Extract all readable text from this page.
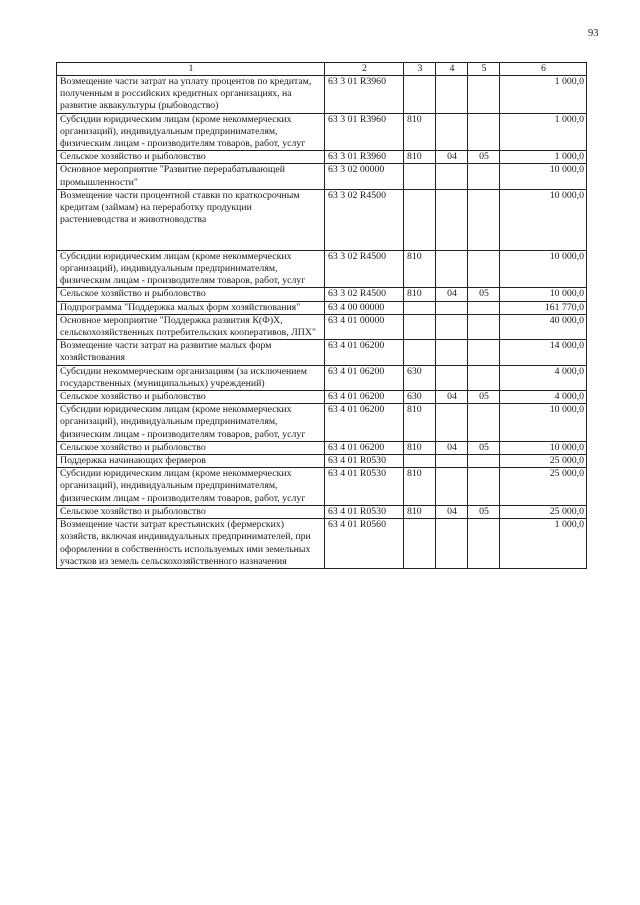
93
1	2	3	4	5	6
Возмещение части затрат на уплату процентов по кредитам, полученным в российских кредитных организациях, на развитие аквакультуры (рыбоводство)	63 3 01 R3960				1 000,0
Субсидии юридическим лицам (кроме некоммерческих организаций), индивидуальным предпринимателям, физическим лицам - производителям товаров, работ, услуг	63 3 01 R3960	810			1 000,0
Сельское хозяйство и рыболовство	63 3 01 R3960	810	04	05	1 000,0
Основное мероприятие "Развитие перерабатывающей промышленности"	63 3 02 00000				10 000,0
Возмещение части процентной ставки по краткосрочным кредитам (займам) на переработку продукции растениеводства и животноводства	63 3 02 R4500				10 000,0
Субсидии юридическим лицам (кроме некоммерческих организаций), индивидуальным предпринимателям, физическим лицам - производителям товаров, работ, услуг	63 3 02 R4500	810			10 000,0
Сельское хозяйство и рыболовство	63 3 02 R4500	810	04	05	10 000,0
Подпрограмма "Поддержка малых форм хозяйствования"	63 4 00 00000				161 770,0
Основное мероприятие "Поддержка развития К(Ф)Х, сельскохозяйственных потребительских кооперативов, ЛПХ"	63 4 01 00000				40 000,0
Возмещение части затрат на развитие малых форм хозяйствования	63 4 01 06200				14 000,0
Субсидии некоммерческим организациям (за исключением государственных (муниципальных) учреждений)	63 4 01 06200	630			4 000,0
Сельское хозяйство и рыболовство	63 4 01 06200	630	04	05	4 000,0
Субсидии юридическим лицам (кроме некоммерческих организаций), индивидуальным предпринимателям, физическим лицам - производителям товаров, работ, услуг	63 4 01 06200	810			10 000,0
Сельское хозяйство и рыболовство	63 4 01 06200	810	04	05	10 000,0
Поддержка начинающих фермеров	63 4 01 R0530				25 000,0
Субсидии юридическим лицам (кроме некоммерческих организаций), индивидуальным предпринимателям, физическим лицам - производителям товаров, работ, услуг	63 4 01 R0530	810			25 000,0
Сельское хозяйство и рыболовство	63 4 01 R0530	810	04	05	25 000,0
Возмещение части затрат крестьянских (фермерских) хозяйств, включая индивидуальных предпринимателей, при оформлении в собственность используемых ими земельных участков из земель сельскохозяйственного назначения	63 4 01 R0560				1 000,0
